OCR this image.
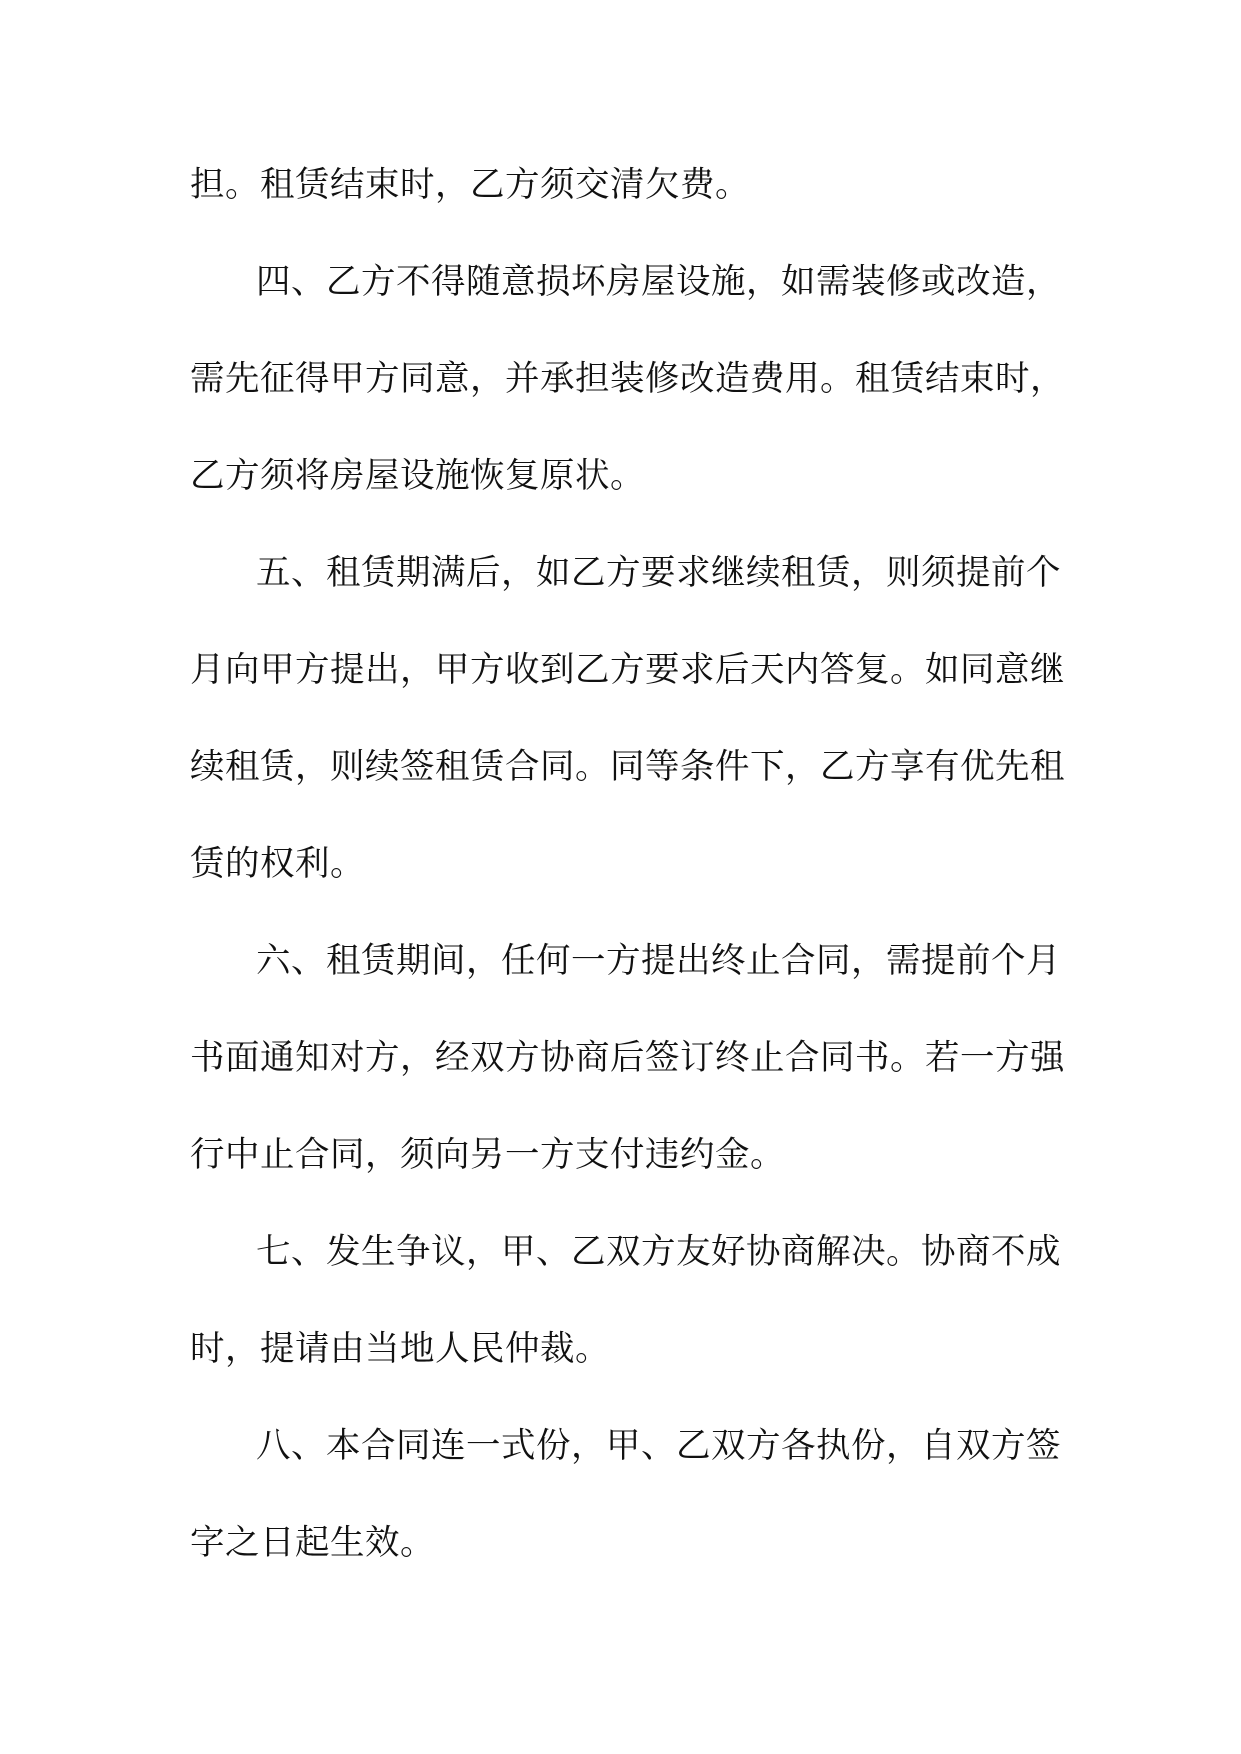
担。租赁结束时，乙方须交清欠费。
四、乙方不得随意损坏房屋设施，如需装修或改造，
需先征得甲方同意，并承担装修改造费用。租赁结束时，
乙方须将房屋设施恢复原状。
五、租赁期满后，如乙方要求继续租赁，则须提前个
月向甲方提出，甲方收到乙方要求后天内答复。如同意继
续租赁，则续签租赁合同。同等条件下，乙方享有优先租
赁的权利。
六、租赁期间，任何一方提出终止合同，需提前个月
书面通知对方，经双方协商后签订终止合同书。若一方强
行中止合同，须向另一方支付违约金。
七、发生争议，甲、乙双方友好协商解决。协商不成
时，提请由当地人民仲裁。
八、本合同连一式份，甲、乙双方各执份，自双方签
字之日起生效。
